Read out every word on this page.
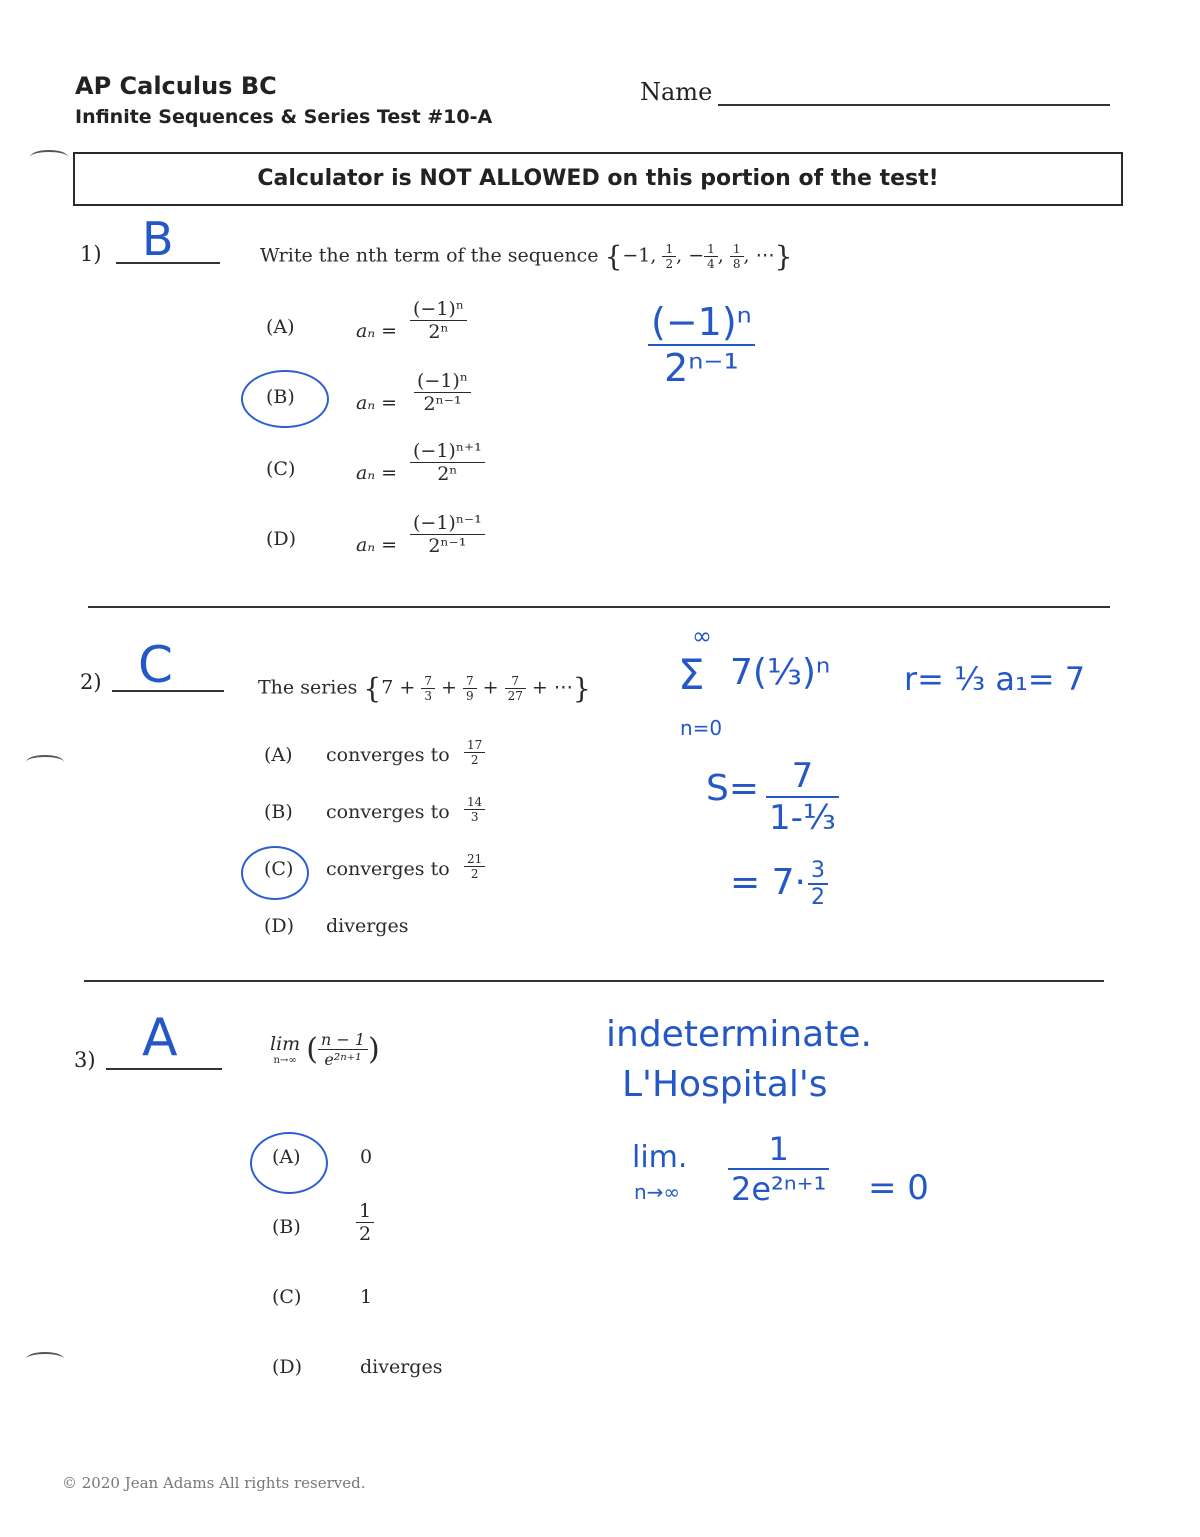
AP Calculus BC
Infinite Sequences & Series Test #10-A
Name
Calculator is NOT ALLOWED on this portion of the test!
1) B	Write the nth term of the sequence {−1, $\frac{1}{2}$ , − $\frac{1}{4}$ , $\frac{1}{8}$ , ⋯}
(A)	$a_n = \frac{\text{(−1)ⁿ}}{\text{2ⁿ}}$
(B)	$a_n = \frac{\text{(−1)ⁿ}}{\text{2ⁿ⁻¹}}$
(C)	$a_n = \frac{\text{(−1)ⁿ⁺¹}}{\text{2ⁿ}}$
(D)	$a_n = \frac{\text{(−1)ⁿ⁻¹}}{\text{2ⁿ⁻¹}}$
$\frac{\text{(−1)ⁿ}}{\text{2ⁿ⁻¹}}$
2) C	The series {$7 + \frac{7}{3} + \frac{7}{9} + \frac{7}{27}$ + ⋯}
(A) converges to $\frac{17}{2}$
(B) converges to $\frac{14}{3}$
(C) converges to $\frac{21}{2}$
(D) diverges
∞
Σ 7(⅓)ⁿ
n=0
r= ⅓ a₁= 7
$S= \frac{7}{\text{1-⅓}}$
= $7\cdot \frac{3}{2}$
3) A	lim
n→∞ ( $\frac{n - 1}{\text{e²ⁿ⁺¹}}$ )
(A)	0
(B)	$\frac{1}{2}$
(C)	1
(D)	diverges
indeterminate.
L'Hospital's
lim.
$n\to\infty \frac{1}{\text{2e²ⁿ⁺¹}} = 0$
© 2020 Jean Adams All rights reserved.
